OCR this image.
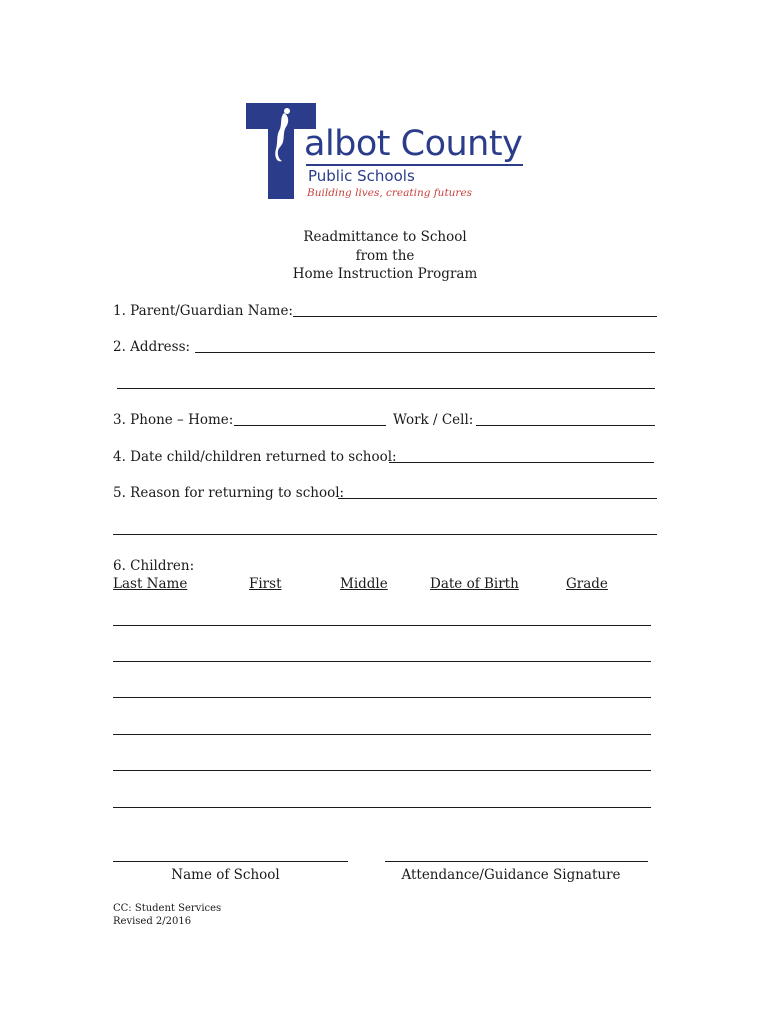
albot County
Public Schools
Building lives, creating futures
Readmittance to School
from the
Home Instruction Program
1. Parent/Guardian Name:
2. Address:
3. Phone – Home:	Work / Cell:
4. Date child/children returned to school:
5. Reason for returning to school:
6. Children:
Last Name	First	Middle	Date of Birth	Grade
Name of School	Attendance/Guidance Signature
CC: Student Services
Revised 2/2016
